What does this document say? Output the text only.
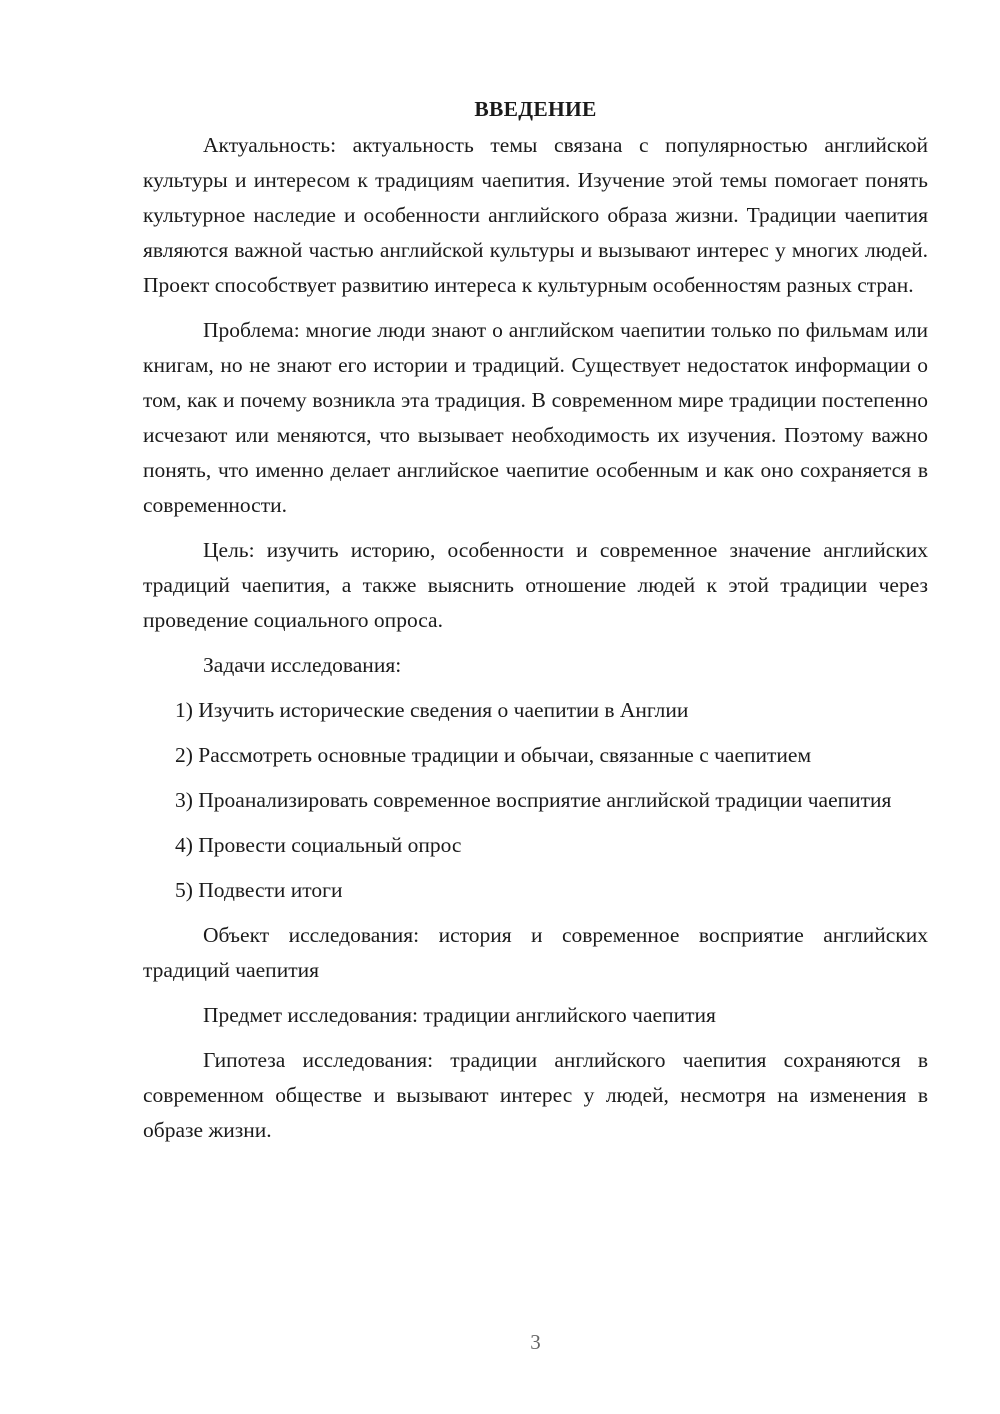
ВВЕДЕНИЕ

Актуальность: актуальность темы связана с популярностью английской культуры и интересом к традициям чаепития. Изучение этой темы помогает понять культурное наследие и особенности английского образа жизни. Традиции чаепития являются важной частью английской культуры и вызывают интерес у многих людей. Проект способствует развитию интереса к культурным особенностям разных стран.

Проблема: многие люди знают о английском чаепитии только по фильмам или книгам, но не знают его истории и традиций. Существует недостаток информации о том, как и почему возникла эта традиция. В современном мире традиции постепенно исчезают или меняются, что вызывает необходимость их изучения. Поэтому важно понять, что именно делает английское чаепитие особенным и как оно сохраняется в современности.

Цель: изучить историю, особенности и современное значение английских традиций чаепития, а также выяснить отношение людей к этой традиции через проведение социального опроса.

Задачи исследования:

1) Изучить исторические сведения о чаепитии в Англии

2) Рассмотреть основные традиции и обычаи, связанные с чаепитием

3) Проанализировать современное восприятие английской традиции чаепития

4) Провести социальный опрос

5) Подвести итоги

Объект исследования: история и современное восприятие английских традиций чаепития

Предмет исследования: традиции английского чаепития

Гипотеза исследования: традиции английского чаепития сохраняются в современном обществе и вызывают интерес у людей, несмотря на изменения в образе жизни.

3
